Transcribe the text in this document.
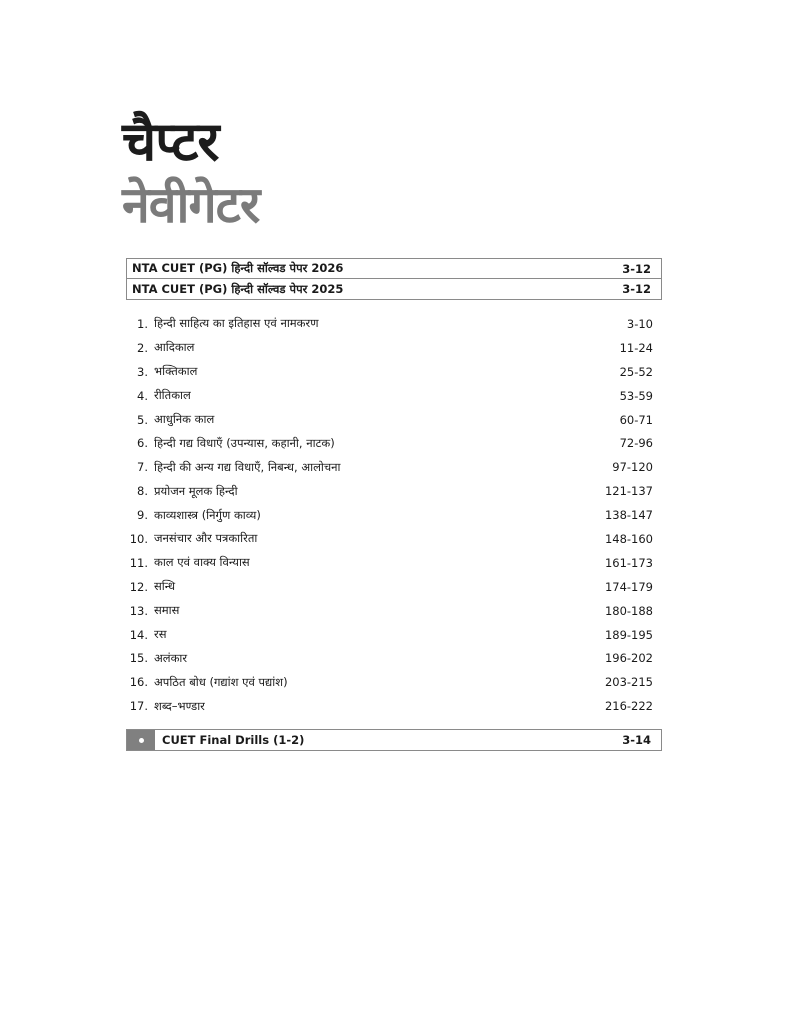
चैप्टर
नेवीगेटर
NTA CUET (PG) हिन्दी सॉल्वड पेपर 2026	3-12
NTA CUET (PG) हिन्दी सॉल्वड पेपर 2025	3-12
1. हिन्दी साहित्य का इतिहास एवं नामकरण	3-10
2. आदिकाल	11-24
3. भक्तिकाल	25-52
4. रीतिकाल	53-59
5. आधुनिक काल	60-71
6. हिन्दी गद्य विधाएँ (उपन्यास, कहानी, नाटक)	72-96
7. हिन्दी की अन्य गद्य विधाएँ, निबन्ध, आलोचना	97-120
8. प्रयोजन मूलक हिन्दी	121-137
9. काव्यशास्त्र (निर्गुण काव्य)	138-147
10. जनसंचार और पत्रकारिता	148-160
11. काल एवं वाक्य विन्यास	161-173
12. सन्धि	174-179
13. समास	180-188
14. रस	189-195
15. अलंकार	196-202
16. अपठित बोध (गद्यांश एवं पद्यांश)	203-215
17. शब्द–भण्डार	216-222
CUET Final Drills (1-2)	3-14
